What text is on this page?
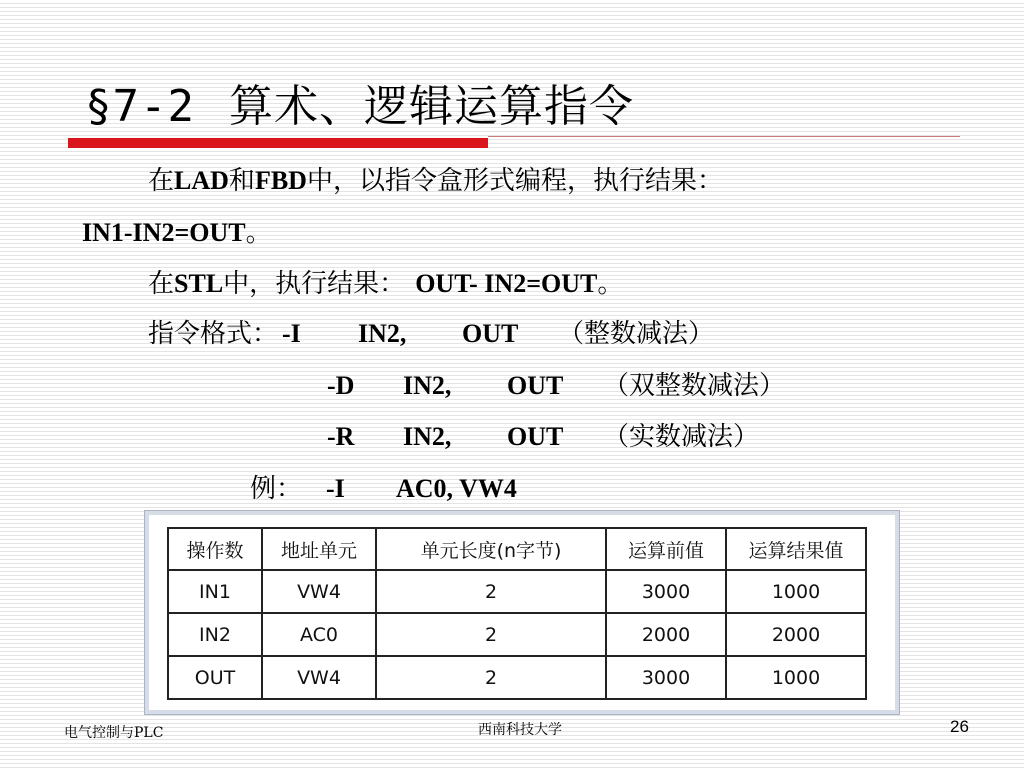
§7-2 算术、逻辑运算指令
在LAD和FBD中，以指令盒形式编程，执行结果：
IN1-IN2=OUT。
在STL中，执行结果： OUT- IN2=OUT。
指令格式： -I IN2, OUT （整数减法）
-D IN2, OUT （双整数减法）
-R IN2, OUT （实数减法）
例： -I AC0, VW4
操作数	地址单元	单元长度(n字节)	运算前值	运算结果值
IN1	VW4	2	3000	1000
IN2	AC0	2	2000	2000
OUT	VW4	2	3000	1000
电气控制与PLC	西南科技大学	26
